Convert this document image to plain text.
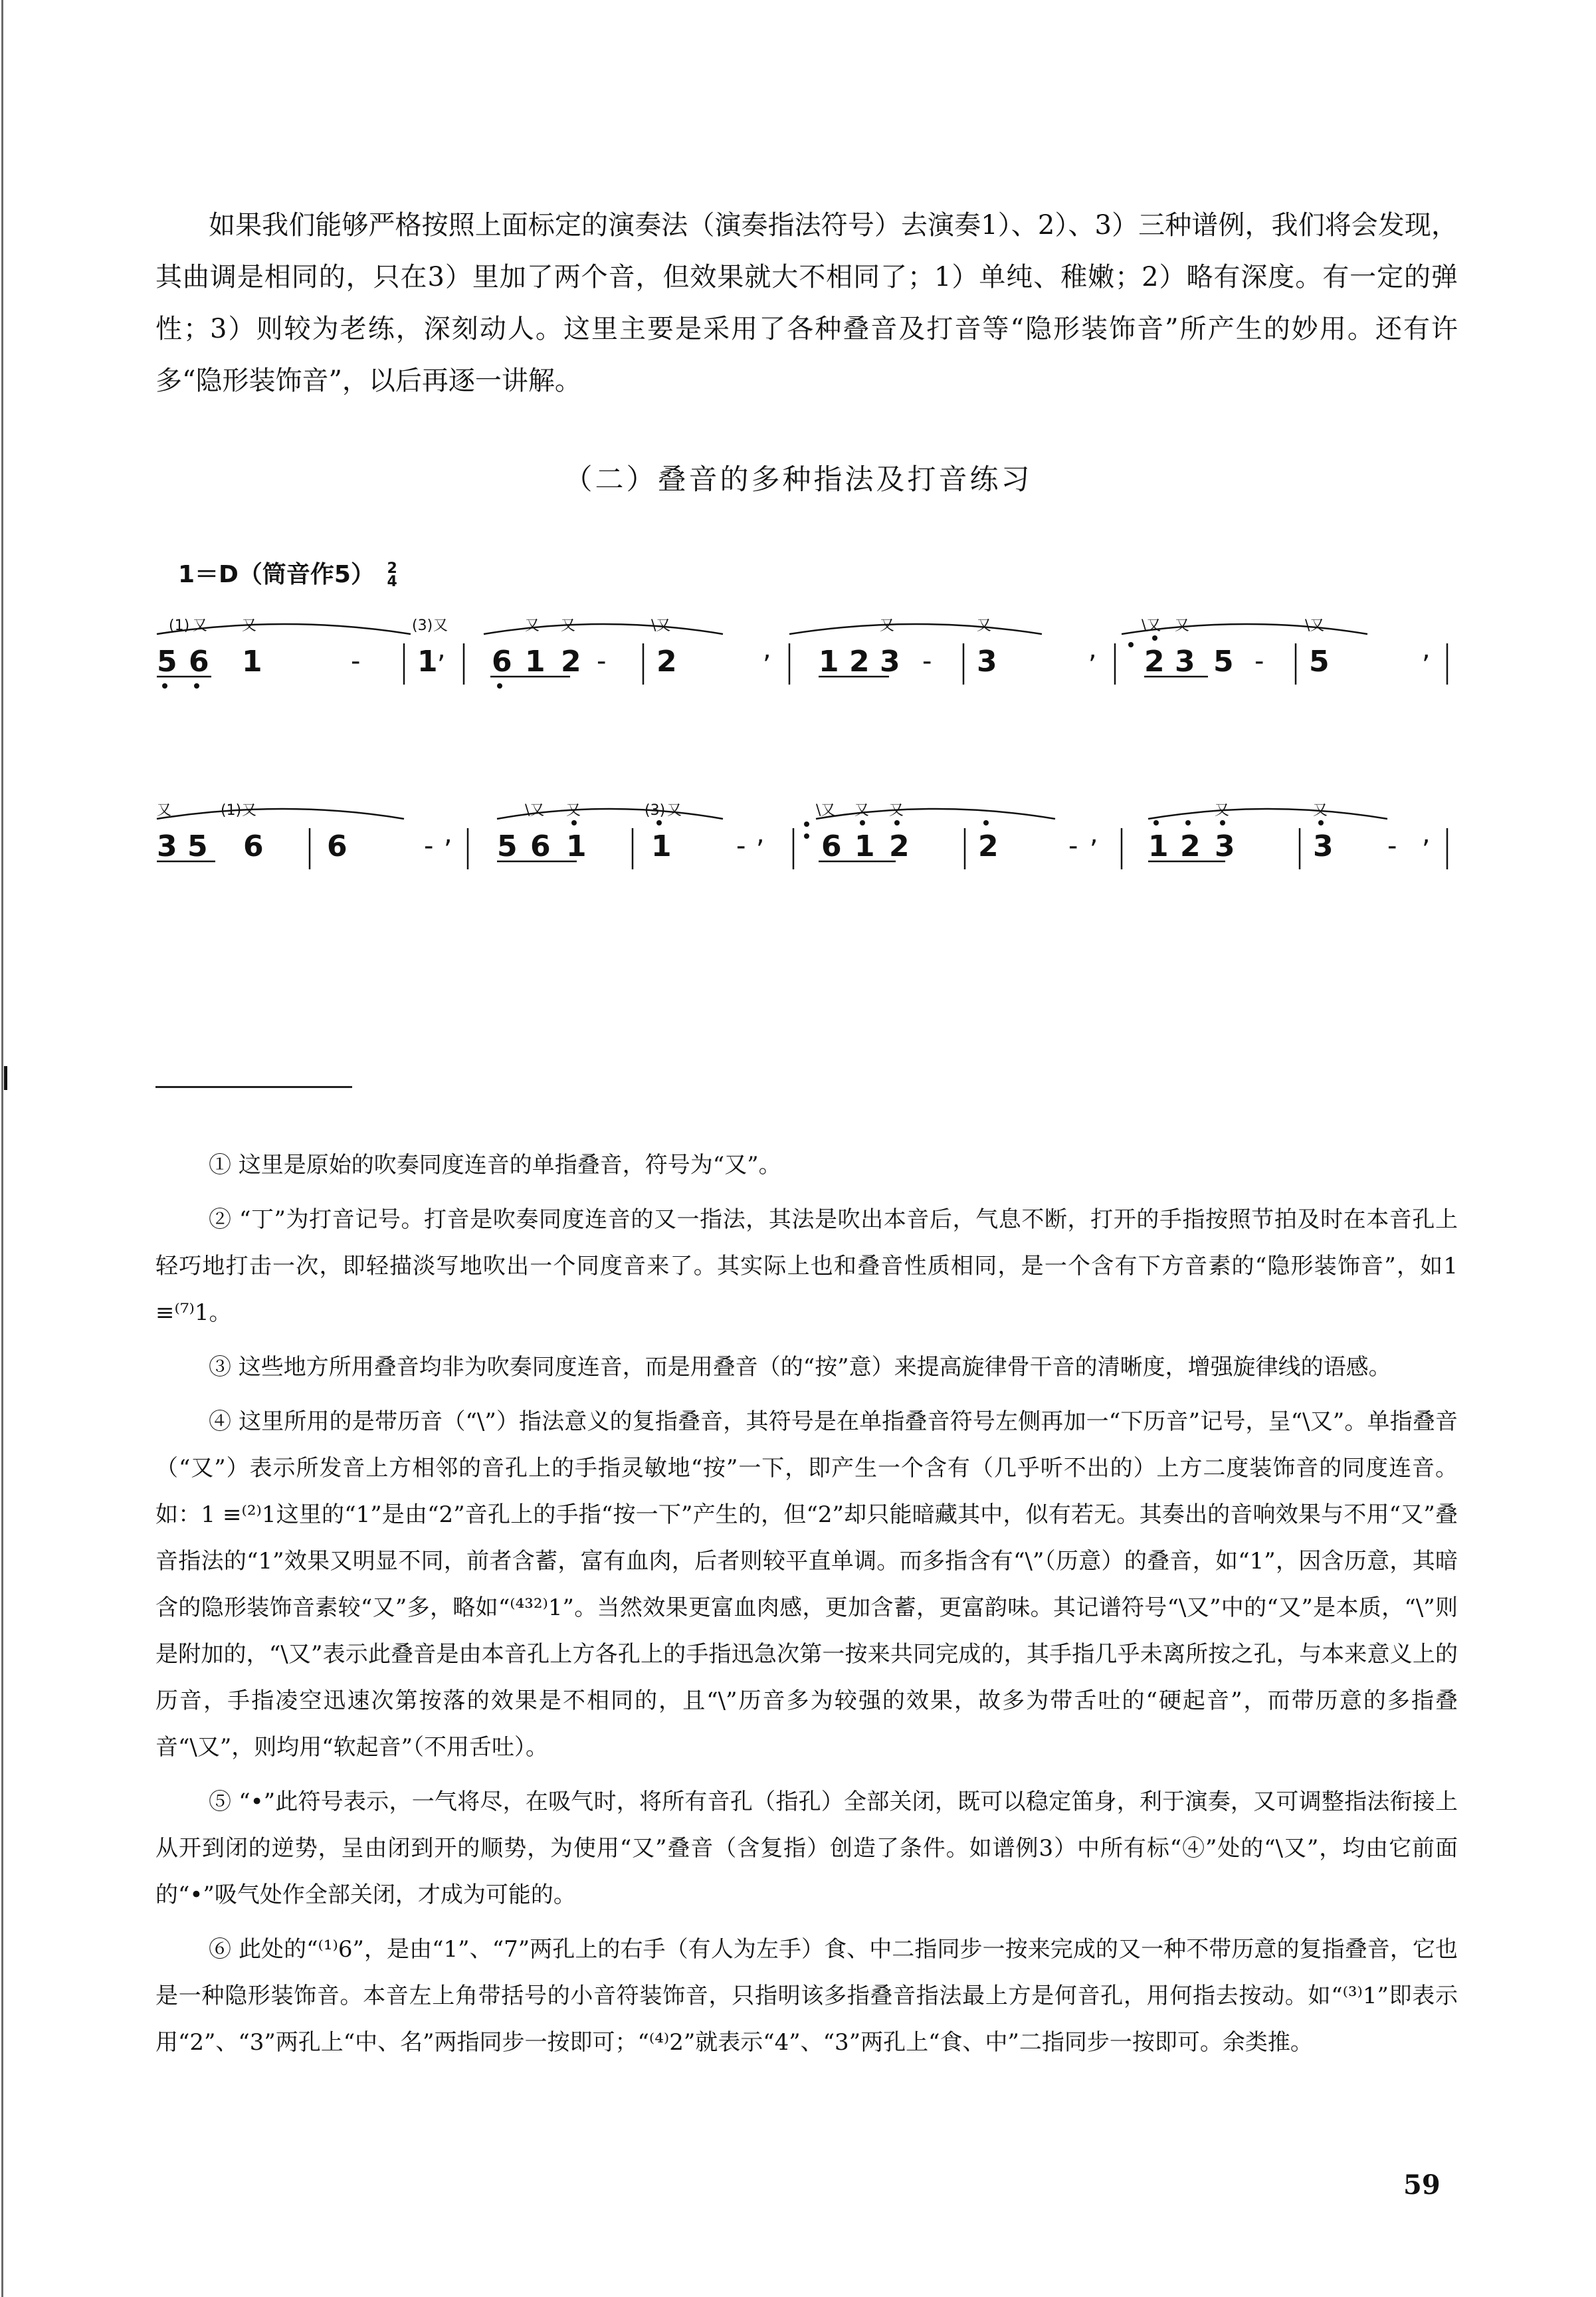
如果我们能够严格按照上面标定的演奏法（演奏指法符号）去演奏1）、2）、3）三种谱例，我们将会发现，其曲调是相同的，只在3）里加了两个音，但效果就大不相同了；1）单纯、稚嫩；2）略有深度。有一定的弹性；3）则较为老练，深刻动人。这里主要是采用了各种叠音及打音等“隐形装饰音”所产生的妙用。还有许多“隐形装饰音”，以后再逐一讲解。

（二）叠音的多种指法及打音练习
1＝D（筒音作5） 2
4
5 6 1	1 6 1 2	2	1 2 3	3	2 3 5	5
-	,	-	,	-	,	-	,
(1) 又 又	(3) 又	又 又	\又	又	又	\又 又	\又
3 5 6 6	5 6 1 1	6 1 2 2	1 2 3	3
- ,	- ,	- ,	- ,
又	(1) 又	\又 又	(3) 又	\又 又 又	又	又

① 这里是原始的吹奏同度连音的单指叠音，符号为“又”。

② “丁”为打音记号。打音是吹奏同度连音的又一指法，其法是吹出本音后，气息不断，打开的手指按照节拍及时在本音孔上轻巧地打击一次，即轻描淡写地吹出一个同度音来了。其实际上也和叠音性质相同，是一个含有下方音素的“隐形装饰音”，如1 ≡⁽⁷⁾1。

③ 这些地方所用叠音均非为吹奏同度连音，而是用叠音（的“按”意）来提高旋律骨干音的清晰度，增强旋律线的语感。

④ 这里所用的是带历音（“\”）指法意义的复指叠音，其符号是在单指叠音符号左侧再加一“下历音”记号，呈“\又”。单指叠音（“又”）表示所发音上方相邻的音孔上的手指灵敏地“按”一下，即产生一个含有（几乎听不出的）上方二度装饰音的同度连音。如：1 ≡⁽²⁾1这里的“1”是由“2”音孔上的手指“按一下”产生的，但“2”却只能暗藏其中，似有若无。其奏出的音响效果与不用“又”叠音指法的“1”效果又明显不同，前者含蓄，富有血肉，后者则较平直单调。而多指含有“\”（历意）的叠音，如“1”，因含历意，其暗含的隐形装饰音素较“又”多，略如“⁽⁴³²⁾1”。当然效果更富血肉感，更加含蓄，更富韵味。其记谱符号“\又”中的“又”是本质，“\”则是附加的，“\又”表示此叠音是由本音孔上方各孔上的手指迅急次第一按来共同完成的，其手指几乎未离所按之孔，与本来意义上的历音，手指凌空迅速次第按落的效果是不相同的，且“\”历音多为较强的效果，故多为带舌吐的“硬起音”，而带历意的多指叠音“\又”，则均用“软起音”（不用舌吐）。

⑤ “•”此符号表示，一气将尽，在吸气时，将所有音孔（指孔）全部关闭，既可以稳定笛身，利于演奏，又可调整指法衔接上从开到闭的逆势，呈由闭到开的顺势，为使用“又”叠音（含复指）创造了条件。如谱例3）中所有标“④”处的“\又”，均由它前面的“•”吸气处作全部关闭，才成为可能的。

⑥ 此处的“⁽¹⁾6”，是由“1”、“7”两孔上的右手（有人为左手）食、中二指同步一按来完成的又一种不带历意的复指叠音，它也是一种隐形装饰音。本音左上角带括号的小音符装饰音，只指明该多指叠音指法最上方是何音孔，用何指去按动。如“⁽³⁾1”即表示用“2”、“3”两孔上“中、名”两指同步一按即可；“⁽⁴⁾2”就表示“4”、“3”两孔上“食、中”二指同步一按即可。余类推。

59
